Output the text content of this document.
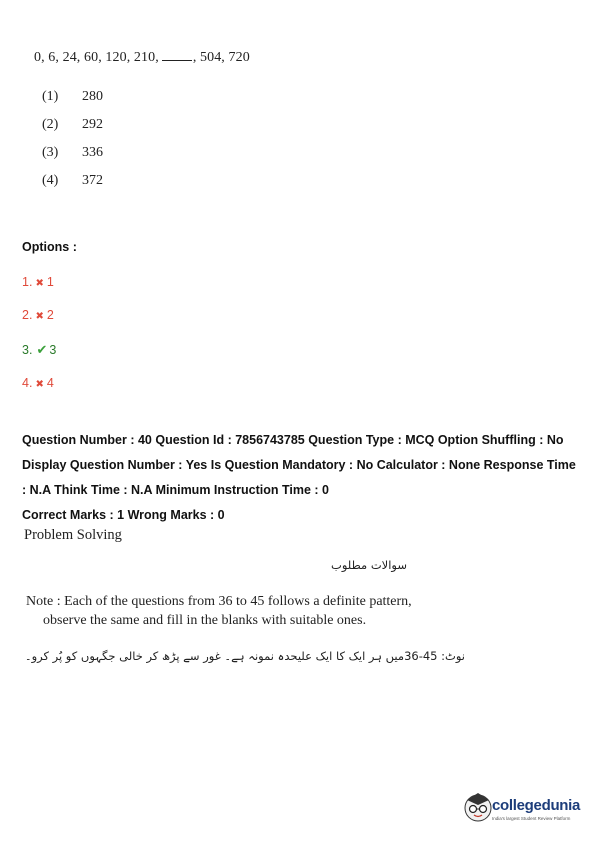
0, 6, 24, 60, 120, 210, , 504, 720
(1) 280
(2) 292
(3) 336
(4) 372
Options :
1. ✖ 1
2. ✖ 2
3. ✔ 3
4. ✖ 4
Question Number : 40 Question Id : 7856743785 Question Type : MCQ Option Shuffling : No
Display Question Number : Yes Is Question Mandatory : No Calculator : None Response Time
: N.A Think Time : N.A Minimum Instruction Time : 0
Correct Marks : 1 Wrong Marks : 0
Problem Solving
سوالات مطلوب
Note : Each of the questions from 36 to 45 follows a definite pattern,
observe the same and fill in the blanks with suitable ones.
نوٹ: 45-36میں ہر ایک کا ایک علیحدہ نمونہ ہے۔ غور سے پڑھ کر خالی جگہوں کو پُر کرو۔
collegedunia
India's largest Student Review Platform
